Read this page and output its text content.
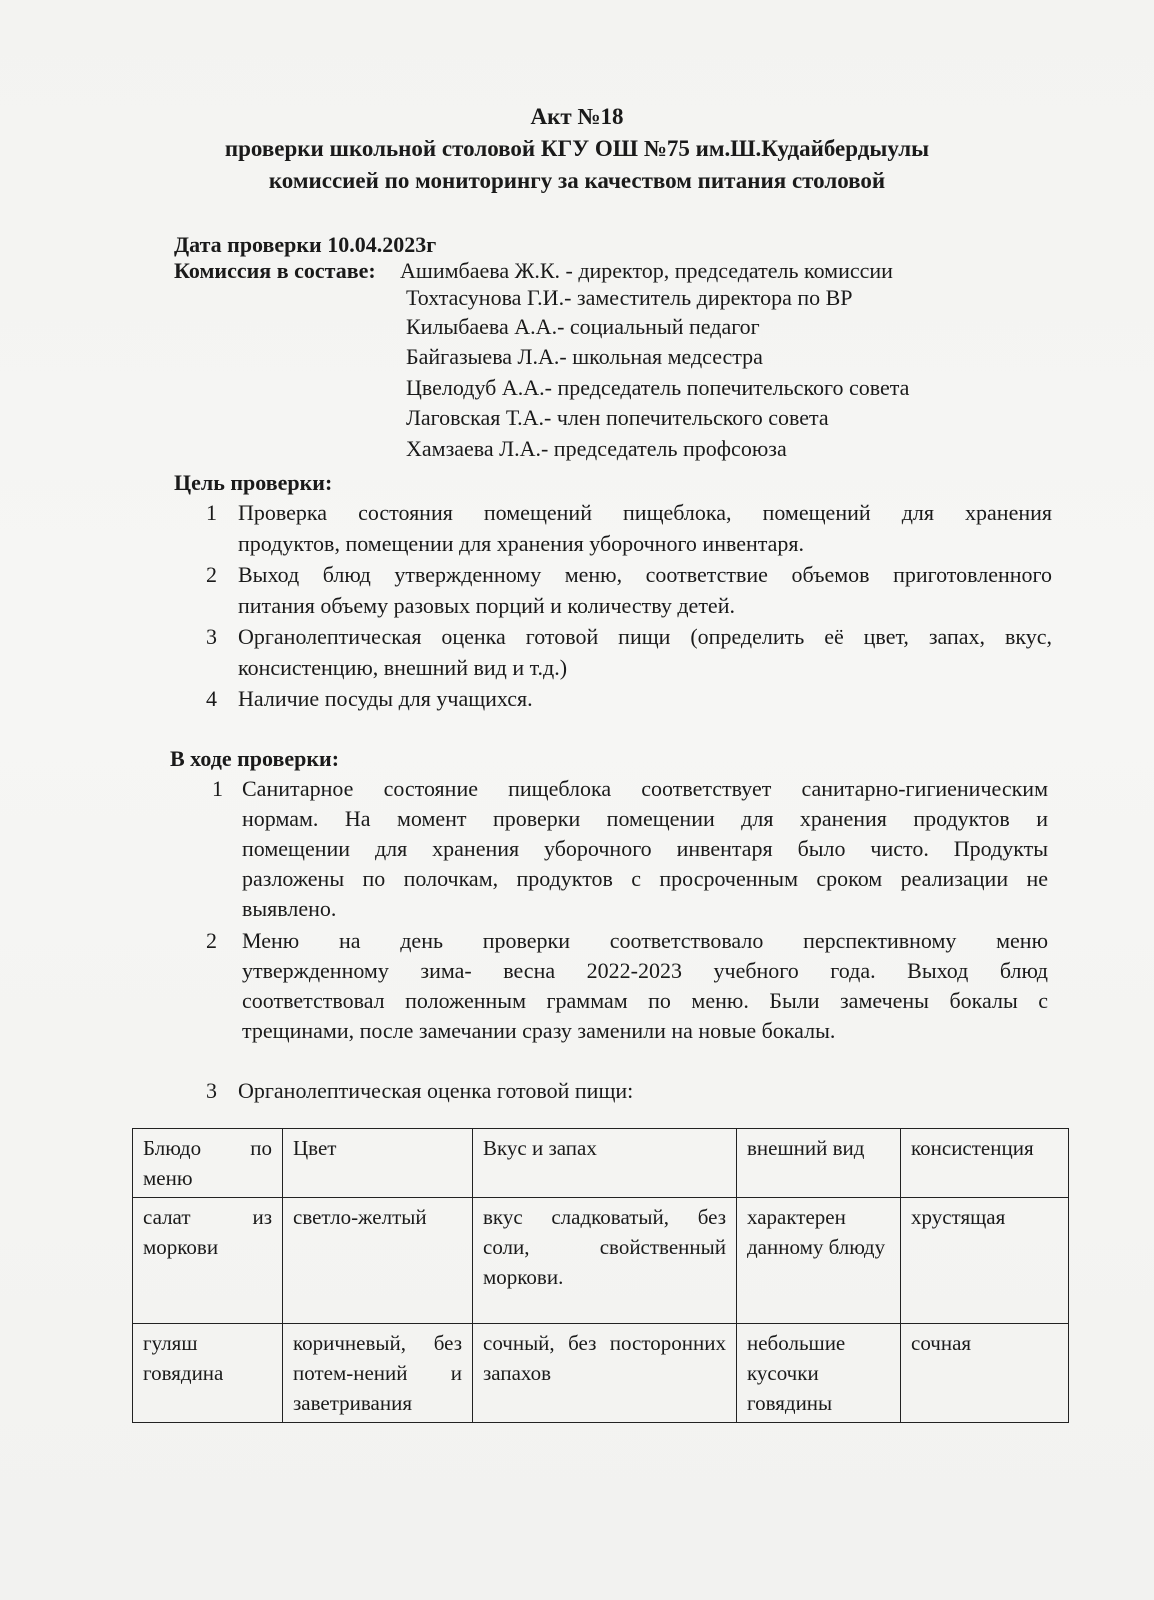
Акт №18
проверки школьной столовой КГУ ОШ №75 им.Ш.Кудайбердыулы
комиссией по мониторингу за качеством питания столовой
Дата проверки 10.04.2023г
Комиссия в составе: Ашимбаева Ж.К. - директор, председатель комиссии
Тохтасунова Г.И.- заместитель директора по ВР
Килыбаева А.А.- социальный педагог
Байгазыева Л.А.- школьная медсестра
Цвелодуб А.А.- председатель попечительского совета
Лаговская Т.А.- член попечительского совета
Хамзаева Л.А.- председатель профсоюза
Цель проверки:
1 Проверка состояния помещений пищеблока, помещений для хранения
продуктов, помещении для хранения уборочного инвентаря.
2 Выход блюд утвержденному меню, соответствие объемов приготовленного
питания объему разовых порций и количеству детей.
3 Органолептическая оценка готовой пищи (определить её цвет, запах, вкус,
консистенцию, внешний вид и т.д.)
4 Наличие посуды для учащихся.
В ходе проверки:
1 Санитарное состояние пищеблока соответствует санитарно-гигиеническим
нормам. На момент проверки помещении для хранения продуктов и
помещении для хранения уборочного инвентаря было чисто. Продукты
разложены по полочкам, продуктов с просроченным сроком реализации не
выявлено.
2 Меню на день проверки соответствовало перспективному меню
утвержденному зима- весна 2022-2023 учебного года. Выход блюд
соответствовал положенным граммам по меню. Были замечены бокалы с
трещинами, после замечании сразу заменили на новые бокалы.
3 Органолептическая оценка готовой пищи:
Блюдо по меню	Цвет	Вкус и запах	внешний вид	консистенция
салат из моркови	светло-желтый	вкус сладковатый, без соли, свойственный моркови.	характерен данному блюду	хрустящая
гуляш говядина	коричневый, без потем-нений и заветривания	сочный, без посторонних запахов	небольшие кусочки говядины	сочная
